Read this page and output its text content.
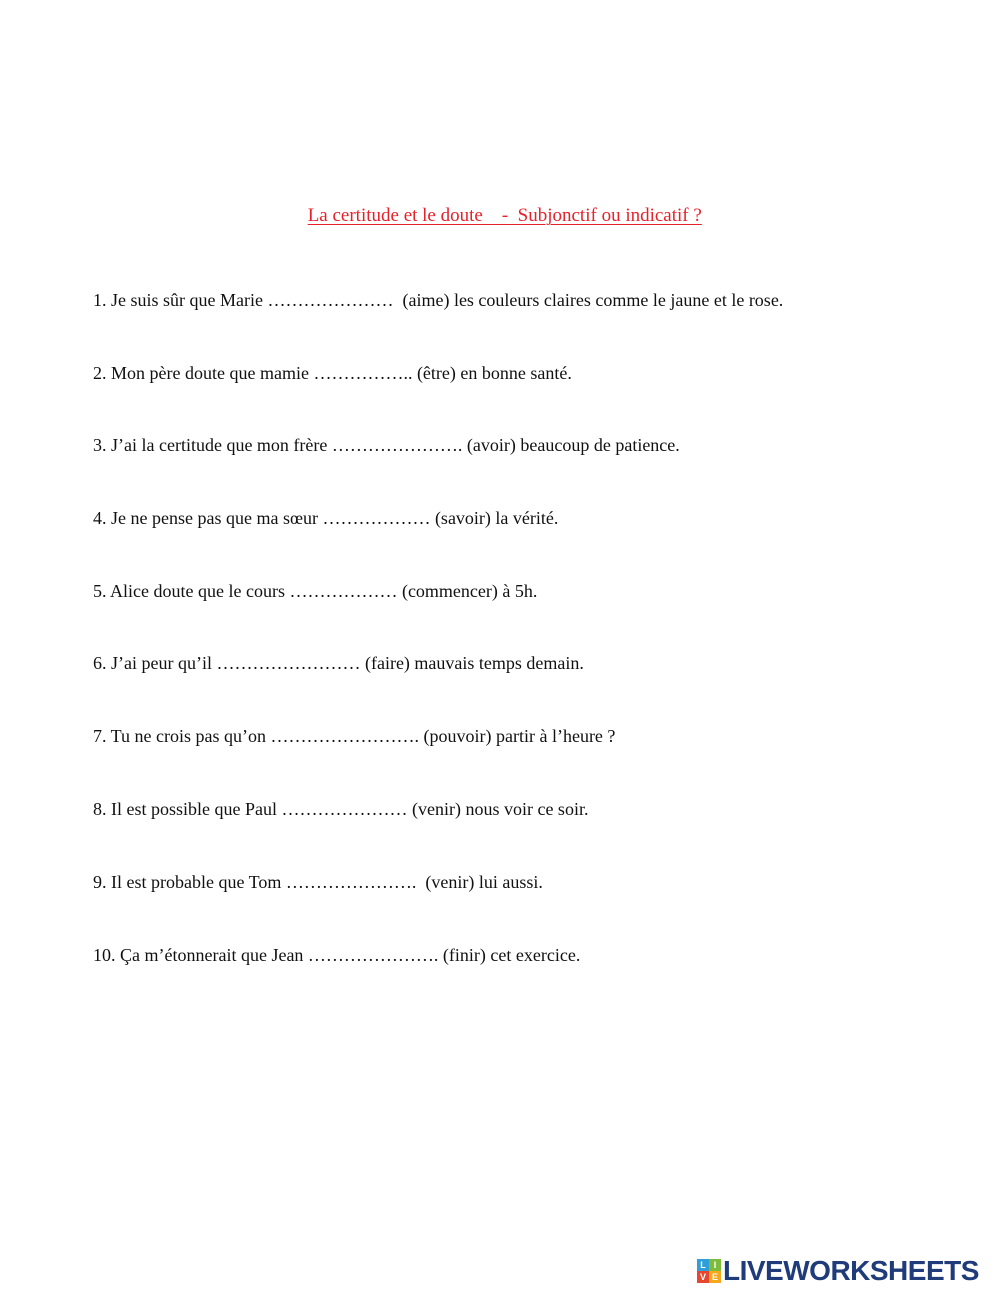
La certitude et le doute    -  Subjonctif ou indicatif ?

1. Je suis sûr que Marie …………………  (aime) les couleurs claires comme le jaune et le rose.
2. Mon père doute que mamie …………….. (être) en bonne santé.
3. J’ai la certitude que mon frère …………………. (avoir) beaucoup de patience.
4. Je ne pense pas que ma sœur ……………… (savoir) la vérité.
5. Alice doute que le cours ……………… (commencer) à 5h.
6. J’ai peur qu’il …………………… (faire) mauvais temps demain.
7. Tu ne crois pas qu’on ……………………. (pouvoir) partir à l’heure ?
8. Il est possible que Paul ………………… (venir) nous voir ce soir.
9. Il est probable que Tom ………………….  (venir) lui aussi.
10. Ça m’étonnerait que Jean …………………. (finir) cet exercice.
L I
V E LIVEWORKSHEETS
